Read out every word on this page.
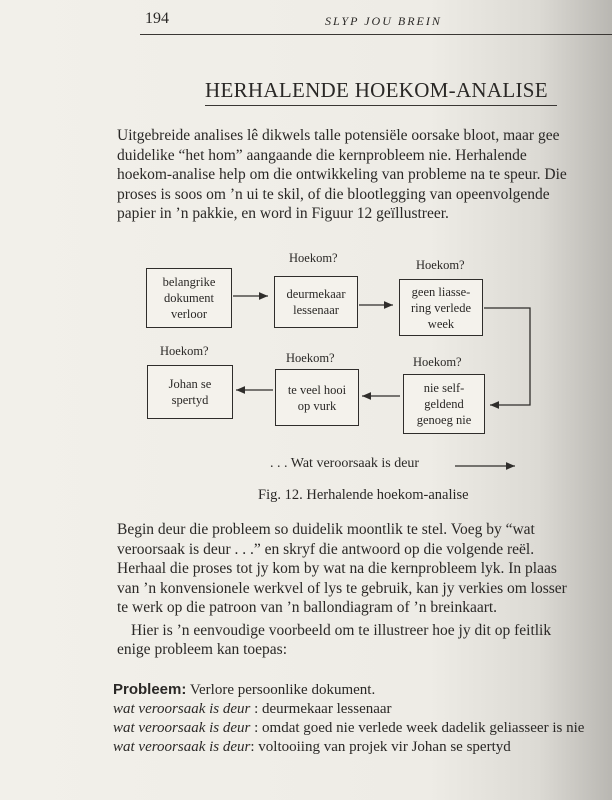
194	SLYP JOU BREIN
HERHALENDE HOEKOM-ANALISE
Uitgebreide analises lê dikwels talle potensiële oorsake bloot, maar gee
duidelike “het hom” aangaande die kernprobleem nie. Herhalende
hoekom-analise help om die ontwikkeling van probleme na te speur. Die
proses is soos om ’n ui te skil, of die blootlegging van opeenvolgende
papier in ’n pakkie, en word in Figuur 12 geïllustreer.
Hoekom?	Hoekom?
Hoekom?	Hoekom?	Hoekom?
belangrike
dokument
verloor
deurmekaar
lessenaar
geen liasse-
ring verlede
week
Johan se
spertyd
te veel hooi
op vurk
nie self-
geldend
genoeg nie
. . . Wat veroorsaak is deur
Fig. 12. Herhalende hoekom-analise
Begin deur die probleem so duidelik moontlik te stel. Voeg by “wat
veroorsaak is deur . . .” en skryf die antwoord op die volgende reël.
Herhaal die proses tot jy kom by wat na die kernprobleem lyk. In plaas
van ’n konvensionele werkvel of lys te gebruik, kan jy verkies om losser
te werk op die patroon van ’n ballondiagram of ’n breinkaart.
Hier is ’n eenvoudige voorbeeld om te illustreer hoe jy dit op feitlik
enige probleem kan toepas:
Probleem: Verlore persoonlike dokument.
wat veroorsaak is deur : deurmekaar lessenaar
wat veroorsaak is deur : omdat goed nie verlede week dadelik geliasseer is nie
wat veroorsaak is deur: voltooiing van projek vir Johan se spertyd
